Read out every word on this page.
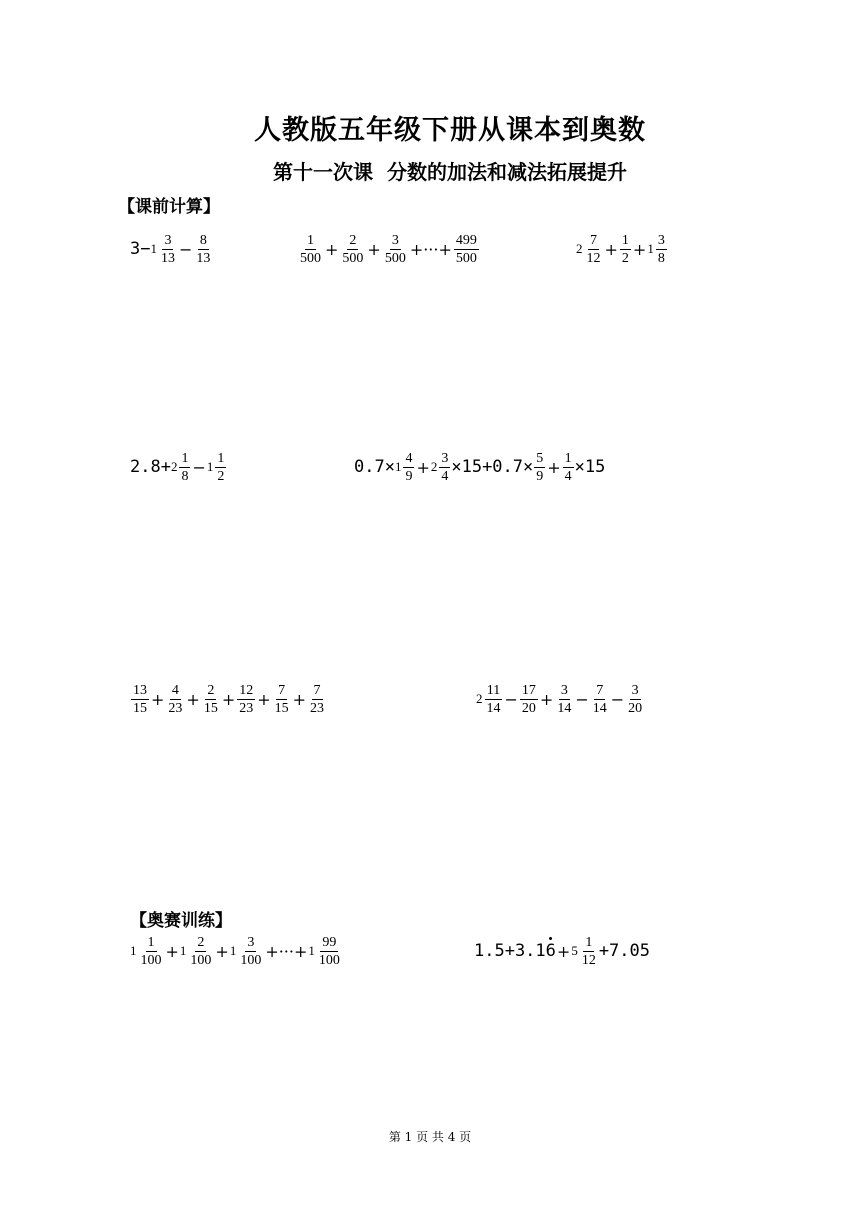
人教版五年级下册从课本到奥数
第十一次课  分数的加法和减法拓展提升
【课前计算】
$3- 1 \frac{3}{13} - \frac{8}{13}$	$\frac{1}{500} + \frac{2}{500} + \frac{3}{500}$ +···+ $\frac{499}{500}$	$2 \frac{7}{12} + \frac{1}{2} + 1 \frac{3}{8}$
$2.8+ 2 \frac{1}{8} - 1 \frac{1}{2}$	$0.7\times 1 \frac{4}{9} + 2 \frac{3}{4} \times 15+0.7\times \frac{5}{9} + \frac{1}{4} \times 15$
$\frac{13}{15} + \frac{4}{23} + \frac{2}{15} + \frac{12}{23} + \frac{7}{15} + \frac{7}{23}$	$2 \frac{11}{14} - \frac{17}{20} + \frac{3}{14} - \frac{7}{14} - \frac{3}{20}$
【奥赛训练】
$1 \frac{1}{100} + 1 \frac{2}{100} + 1 \frac{3}{100}$ +···+ $1 \frac{99}{100}$	1.5+3.1 $6 + 5 \frac{1}{12} +7.05$
第 1 页 共 4 页
